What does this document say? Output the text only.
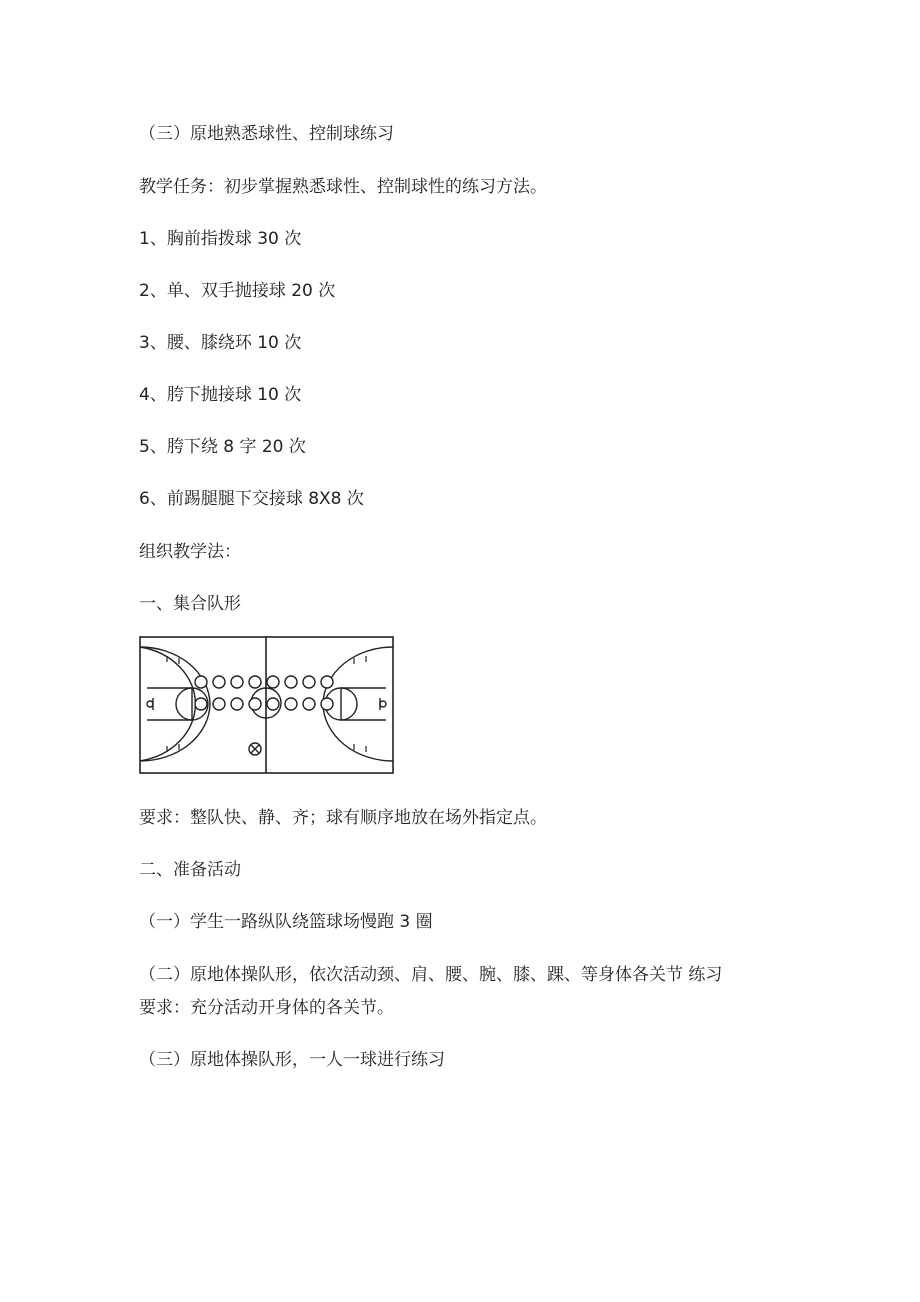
（三）原地熟悉球性、控制球练习
教学任务：初步掌握熟悉球性、控制球性的练习方法。
1、胸前指拨球 30 次
2、单、双手抛接球 20 次
3、腰、膝绕环 10 次
4、胯下抛接球 10 次
5、胯下绕 8 字 20 次
6、前踢腿腿下交接球 8X8 次
组织教学法：
一、集合队形
要求：整队快、静、齐；球有顺序地放在场外指定点。
二、准备活动
（一）学生一路纵队绕篮球场慢跑 3 圈
（二）原地体操队形，依次活动颈、肩、腰、腕、膝、踝、等身体各关节 练习
要求：充分活动开身体的各关节。
（三）原地体操队形，一人一球进行练习
